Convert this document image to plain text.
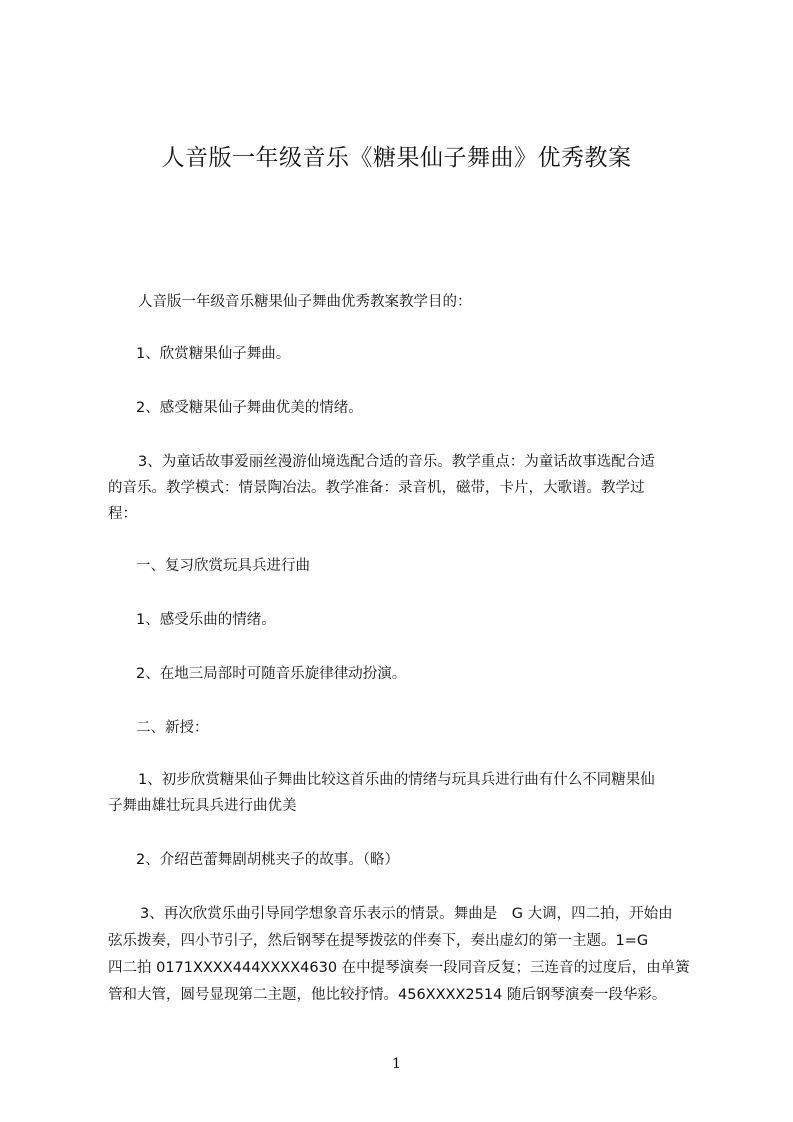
人音版一年级音乐《糖果仙子舞曲》优秀教案
人音版一年级音乐糖果仙子舞曲优秀教案教学目的：
1、欣赏糖果仙子舞曲。
2、感受糖果仙子舞曲优美的情绪。
3、为童话故事爱丽丝漫游仙境选配合适的音乐。教学重点：为童话故事选配合适
的音乐。教学模式：情景陶冶法。教学准备：录音机，磁带，卡片，大歌谱。教学过
程：
一、复习欣赏玩具兵进行曲
1、感受乐曲的情绪。
2、在地三局部时可随音乐旋律律动扮演。
二、新授：
1、初步欣赏糖果仙子舞曲比较这首乐曲的情绪与玩具兵进行曲有什么不同糖果仙
子舞曲雄壮玩具兵进行曲优美
2、介绍芭蕾舞剧胡桃夹子的故事。（略）
3、再次欣赏乐曲引导同学想象音乐表示的情景。舞曲是　G 大调，四二拍，开始由
弦乐拨奏，四小节引子，然后钢琴在提琴拨弦的伴奏下，奏出虚幻的第一主题。1=G
四二拍 0171XXXX444XXXX4630 在中提琴演奏一段同音反复；三连音的过度后，由单簧
管和大管，圆号显现第二主题，他比较抒情。456XXXX2514 随后钢琴演奏一段华彩。
1
